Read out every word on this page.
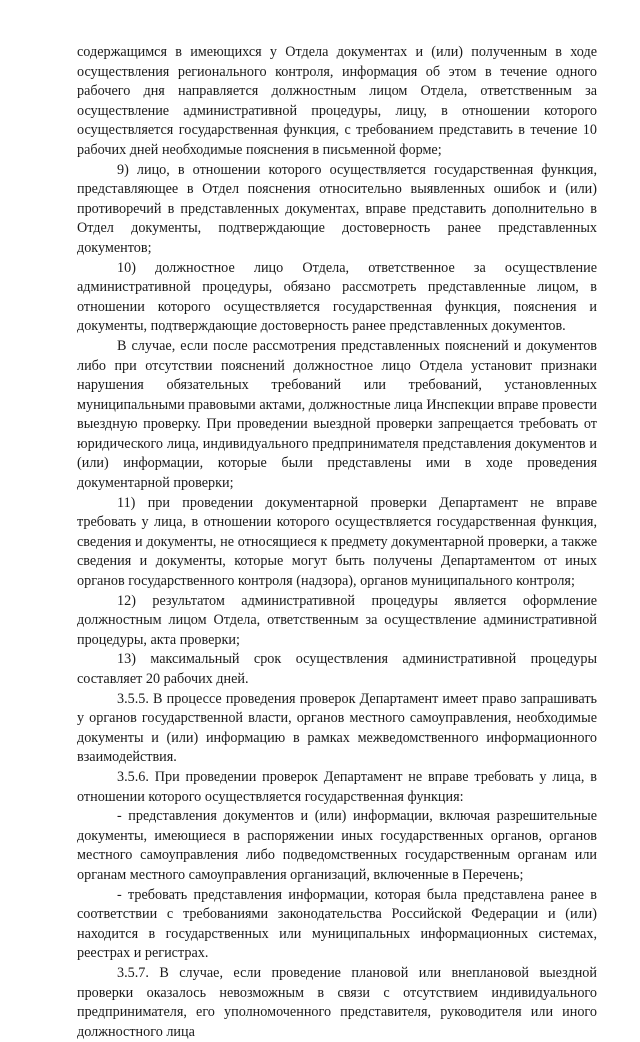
содержащимся в имеющихся у Отдела документах и (или) полученным в ходе осуществления регионального контроля, информация об этом в течение одного рабочего дня направляется должностным лицом Отдела, ответственным за осуществление административной процедуры, лицу, в отношении которого осуществляется государственная функция, с требованием представить в течение 10 рабочих дней необходимые пояснения в письменной форме;

9) лицо, в отношении которого осуществляется государственная функция, представляющее в Отдел пояснения относительно выявленных ошибок и (или) противоречий в представленных документах, вправе представить дополнительно в Отдел документы, подтверждающие достоверность ранее представленных документов;

10) должностное лицо Отдела, ответственное за осуществление административной процедуры, обязано рассмотреть представленные лицом, в отношении которого осуществляется государственная функция, пояснения и документы, подтверждающие достоверность ранее представленных документов.

В случае, если после рассмотрения представленных пояснений и документов либо при отсутствии пояснений должностное лицо Отдела установит признаки нарушения обязательных требований или требований, установленных муниципальными правовыми актами, должностные лица Инспекции вправе провести выездную проверку. При проведении выездной проверки запрещается требовать от юридического лица, индивидуального предпринимателя представления документов и (или) информации, которые были представлены ими в ходе проведения документарной проверки;

11) при проведении документарной проверки Департамент не вправе требовать у лица, в отношении которого осуществляется государственная функция, сведения и документы, не относящиеся к предмету документарной проверки, а также сведения и документы, которые могут быть получены Департаментом от иных органов государственного контроля (надзора), органов муниципального контроля;

12) результатом административной процедуры является оформление должностным лицом Отдела, ответственным за осуществление административной процедуры, акта проверки;

13) максимальный срок осуществления административной процедуры составляет 20 рабочих дней.

3.5.5. В процессе проведения проверок Департамент имеет право запрашивать у органов государственной власти, органов местного самоуправления, необходимые документы и (или) информацию в рамках межведомственного информационного взаимодействия.

3.5.6. При проведении проверок Департамент не вправе требовать у лица, в отношении которого осуществляется государственная функция:

- представления документов и (или) информации, включая разрешительные документы, имеющиеся в распоряжении иных государственных органов, органов местного самоуправления либо подведомственных государственным органам или органам местного самоуправления организаций, включенные в Перечень;

- требовать представления информации, которая была представлена ранее в соответствии с требованиями законодательства Российской Федерации и (или) находится в государственных или муниципальных информационных системах, реестрах и регистрах.

3.5.7. В случае, если проведение плановой или внеплановой выездной проверки оказалось невозможным в связи с отсутствием индивидуального предпринимателя, его уполномоченного представителя, руководителя или иного должностного лица
